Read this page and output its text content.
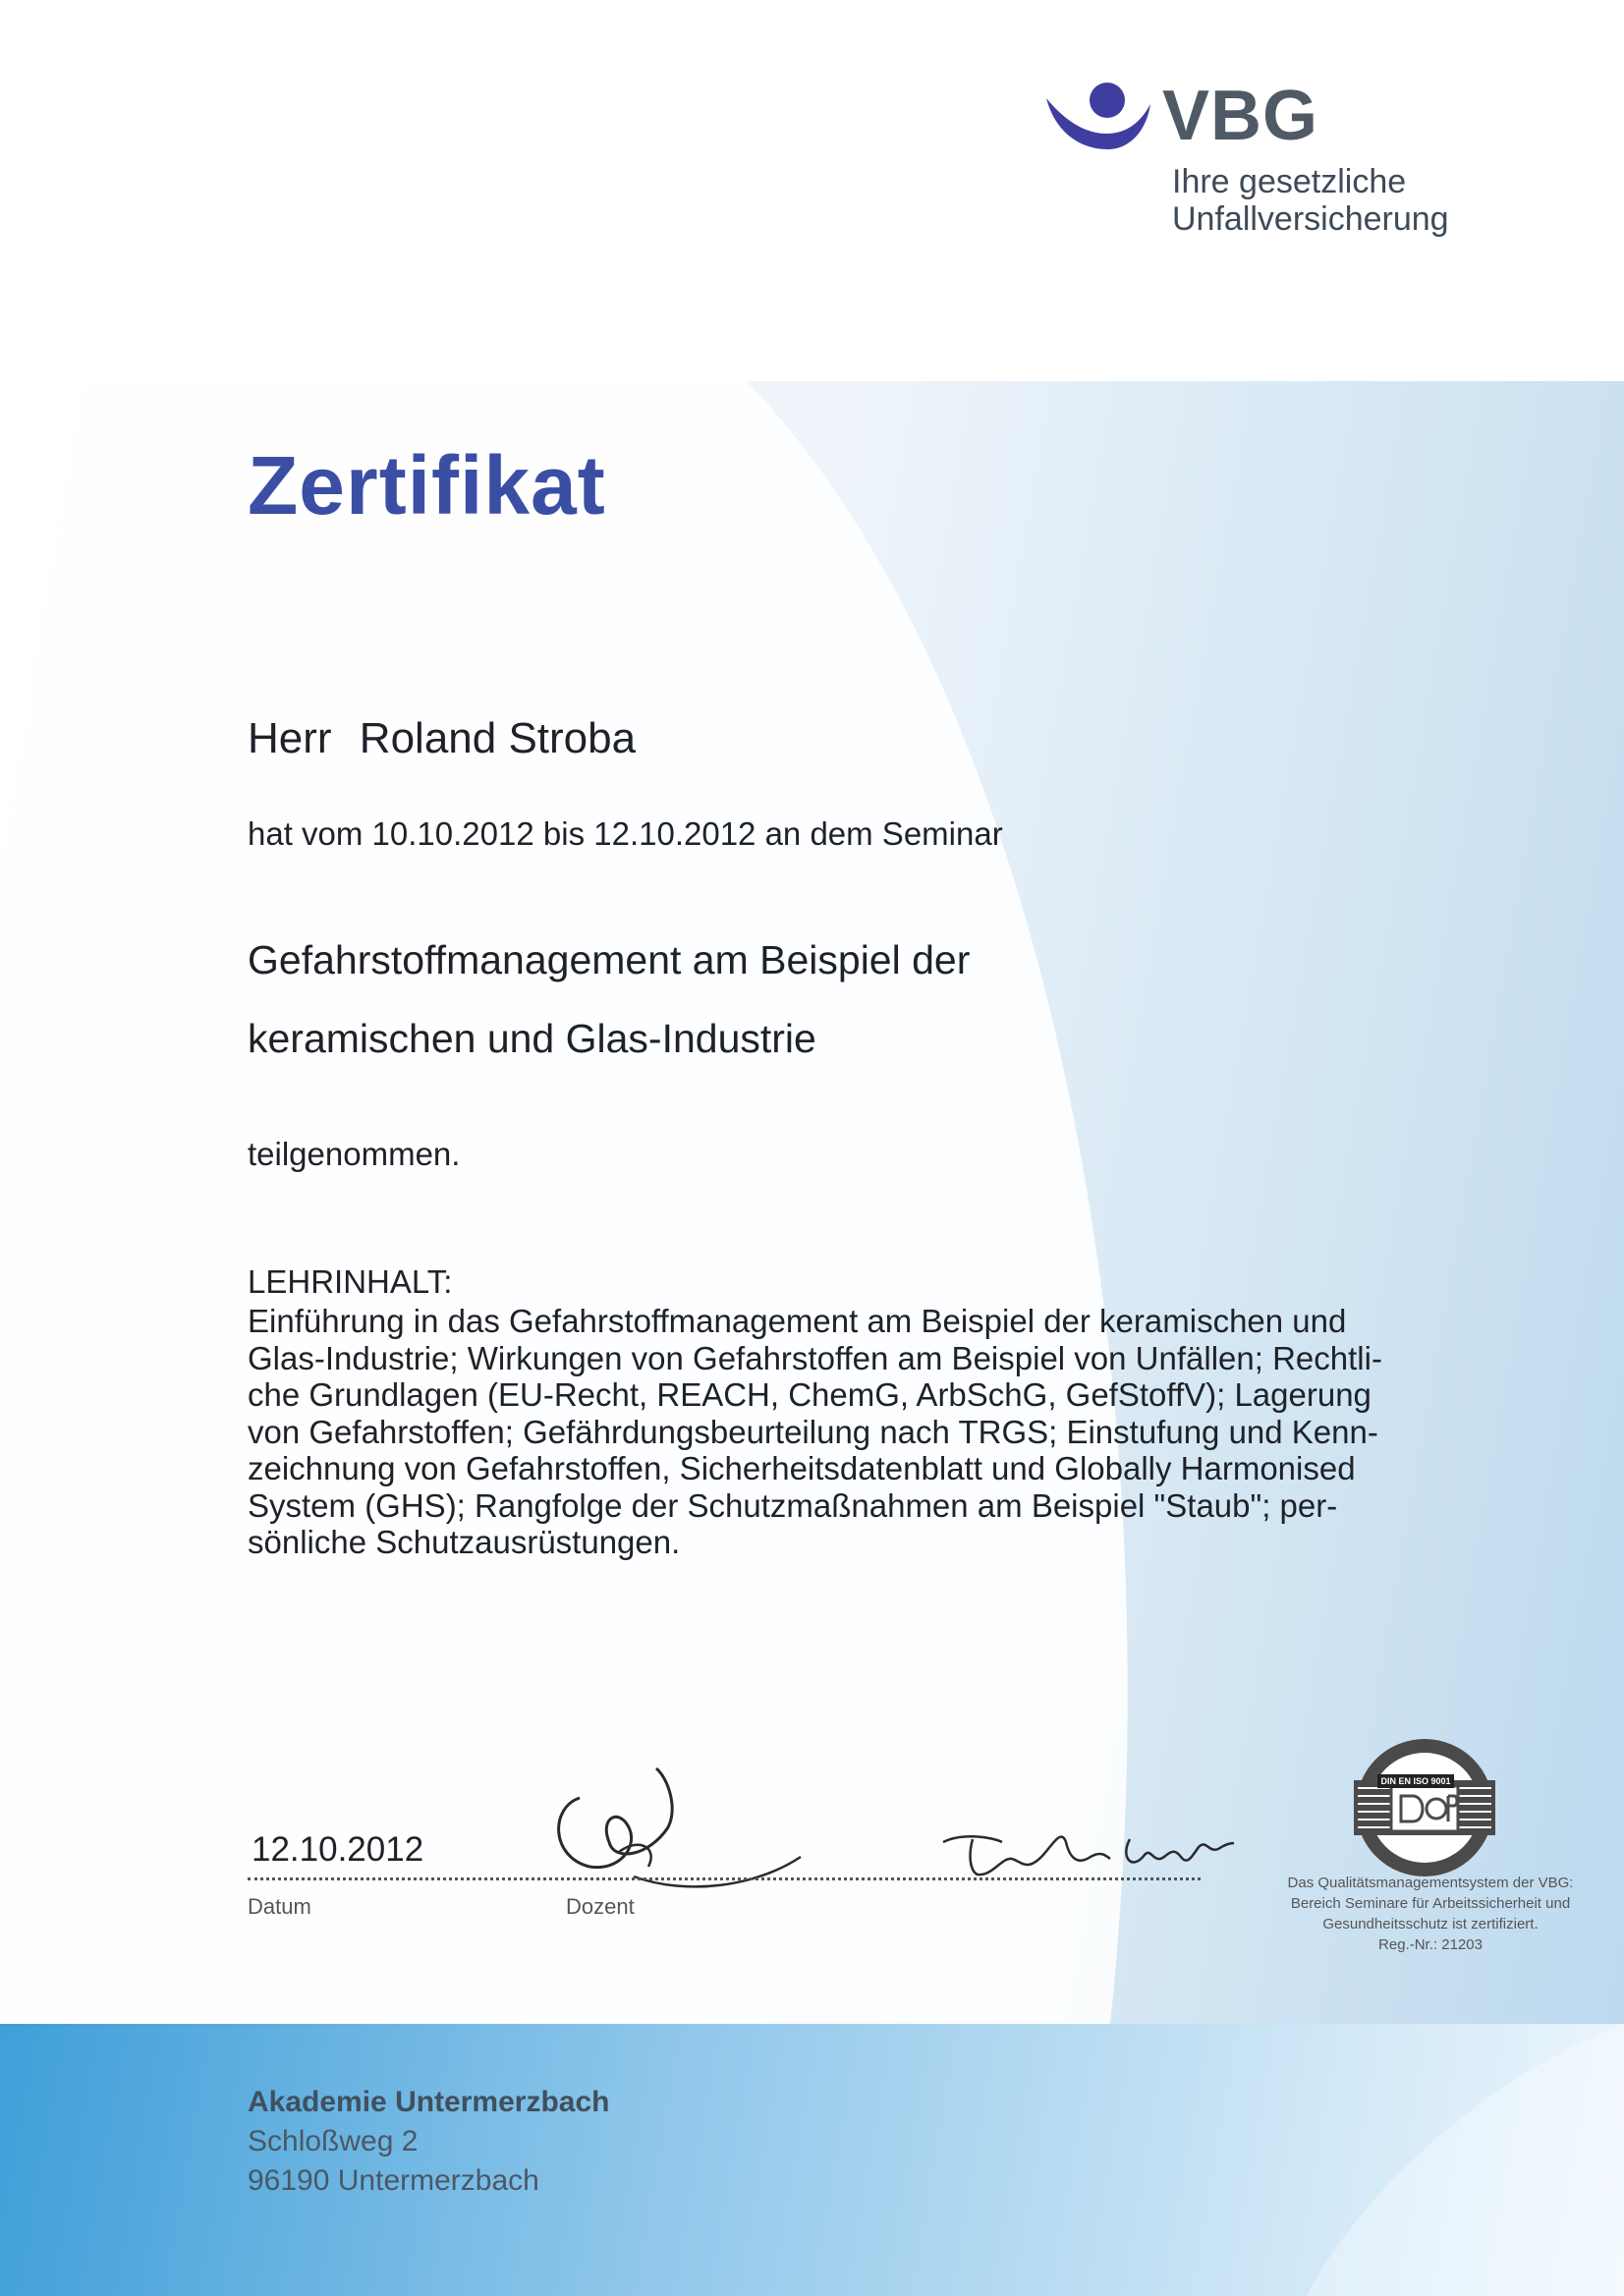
VBG
Ihre gesetzliche
Unfallversicherung
Zertifikat
Herr Roland Stroba
hat vom 10.10.2012 bis 12.10.2012 an dem Seminar
Gefahrstoffmanagement am Beispiel der
keramischen und Glas-Industrie
teilgenommen.
LEHRINHALT:
Einführung in das Gefahrstoffmanagement am Beispiel der keramischen und
Glas-Industrie; Wirkungen von Gefahrstoffen am Beispiel von Unfällen; Rechtli-
che Grundlagen (EU-Recht, REACH, ChemG, ArbSchG, GefStoffV); Lagerung
von Gefahrstoffen; Gefährdungsbeurteilung nach TRGS; Einstufung und Kenn-
zeichnung von Gefahrstoffen, Sicherheitsdatenblatt und Globally Harmonised
System (GHS); Rangfolge der Schutzmaßnahmen am Beispiel "Staub"; per-
sönliche Schutzausrüstungen.
12.10.2012
Datum	Dozent
DIN EN ISO 9001
Das Qualitätsmanagementsystem der VBG:
Bereich Seminare für Arbeitssicherheit und
Gesundheitsschutz ist zertifiziert.
Reg.-Nr.: 21203
Akademie Untermerzbach
Schloßweg 2
96190 Untermerzbach
